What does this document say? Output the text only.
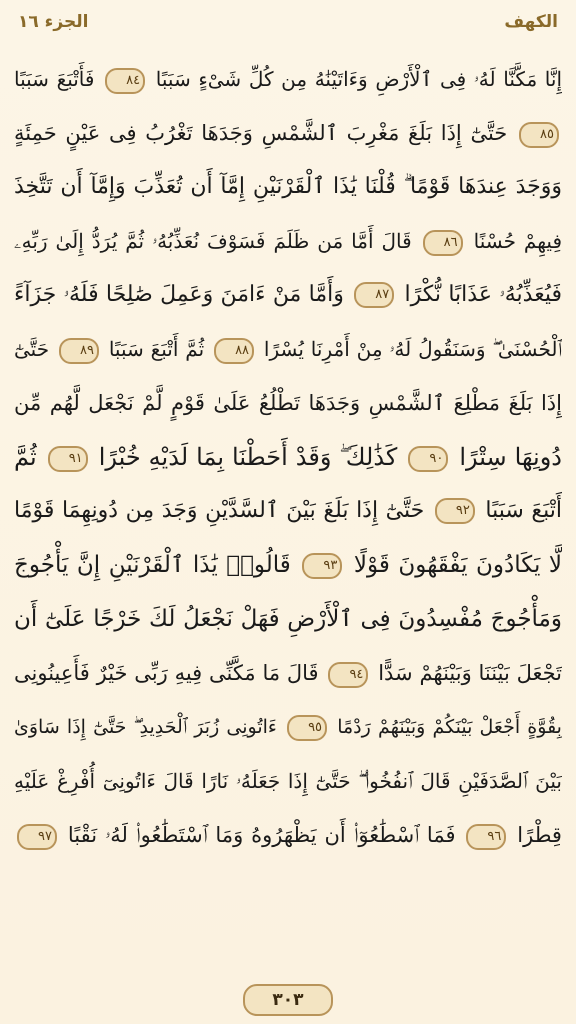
الجزء ١٦	الكهف
إِنَّا مَكَّنَّا لَهُۥ فِى ٱلْأَرْضِ وَءَاتَيْنَٰهُ مِن كُلِّ شَىْءٍ سَبَبًا ٨٤ فَأَتْبَعَ سَبَبًا
٨٥ حَتَّىٰٓ إِذَا بَلَغَ مَغْرِبَ ٱلشَّمْسِ وَجَدَهَا تَغْرُبُ فِى عَيْنٍ حَمِئَةٍ
وَوَجَدَ عِندَهَا قَوْمًا ۗ قُلْنَا يَٰذَا ٱلْقَرْنَيْنِ إِمَّآ أَن تُعَذِّبَ وَإِمَّآ أَن تَتَّخِذَ
فِيهِمْ حُسْنًا ٨٦ قَالَ أَمَّا مَن ظَلَمَ فَسَوْفَ نُعَذِّبُهُۥ ثُمَّ يُرَدُّ إِلَىٰ رَبِّهِۦ
فَيُعَذِّبُهُۥ عَذَابًا نُّكْرًا ٨٧ وَأَمَّا مَنْ ءَامَنَ وَعَمِلَ صَٰلِحًا فَلَهُۥ جَزَآءً
ٱلْحُسْنَىٰ ۖ وَسَنَقُولُ لَهُۥ مِنْ أَمْرِنَا يُسْرًا ٨٨ ثُمَّ أَتْبَعَ سَبَبًا ٨٩ حَتَّىٰٓ
إِذَا بَلَغَ مَطْلِعَ ٱلشَّمْسِ وَجَدَهَا تَطْلُعُ عَلَىٰ قَوْمٍ لَّمْ نَجْعَل لَّهُم مِّن
دُونِهَا سِتْرًا ٩٠ كَذَٰلِكَ ۖ وَقَدْ أَحَطْنَا بِمَا لَدَيْهِ خُبْرًا ٩١ ثُمَّ
أَتْبَعَ سَبَبًا ٩٢ حَتَّىٰٓ إِذَا بَلَغَ بَيْنَ ٱلسَّدَّيْنِ وَجَدَ مِن دُونِهِمَا قَوْمًا
لَّا يَكَادُونَ يَفْقَهُونَ قَوْلًا ٩٣ قَالُوا۟ يَٰذَا ٱلْقَرْنَيْنِ إِنَّ يَأْجُوجَ
وَمَأْجُوجَ مُفْسِدُونَ فِى ٱلْأَرْضِ فَهَلْ نَجْعَلُ لَكَ خَرْجًا عَلَىٰٓ أَن
تَجْعَلَ بَيْنَنَا وَبَيْنَهُمْ سَدًّا ٩٤ قَالَ مَا مَكَّنِّى فِيهِ رَبِّى خَيْرٌ فَأَعِينُونِى
بِقُوَّةٍ أَجْعَلْ بَيْنَكُمْ وَبَيْنَهُمْ رَدْمًا ٩٥ ءَاتُونِى زُبَرَ ٱلْحَدِيدِ ۖ حَتَّىٰٓ إِذَا سَاوَىٰ
بَيْنَ ٱلصَّدَفَيْنِ قَالَ ٱنفُخُوا۟ ۖ حَتَّىٰٓ إِذَا جَعَلَهُۥ نَارًا قَالَ ءَاتُونِىٓ أُفْرِغْ عَلَيْهِ
قِطْرًا ٩٦ فَمَا ٱسْطَٰعُوٓا۟ أَن يَظْهَرُوهُ وَمَا ٱسْتَطَٰعُوا۟ لَهُۥ نَقْبًا ٩٧
٣٠٣
